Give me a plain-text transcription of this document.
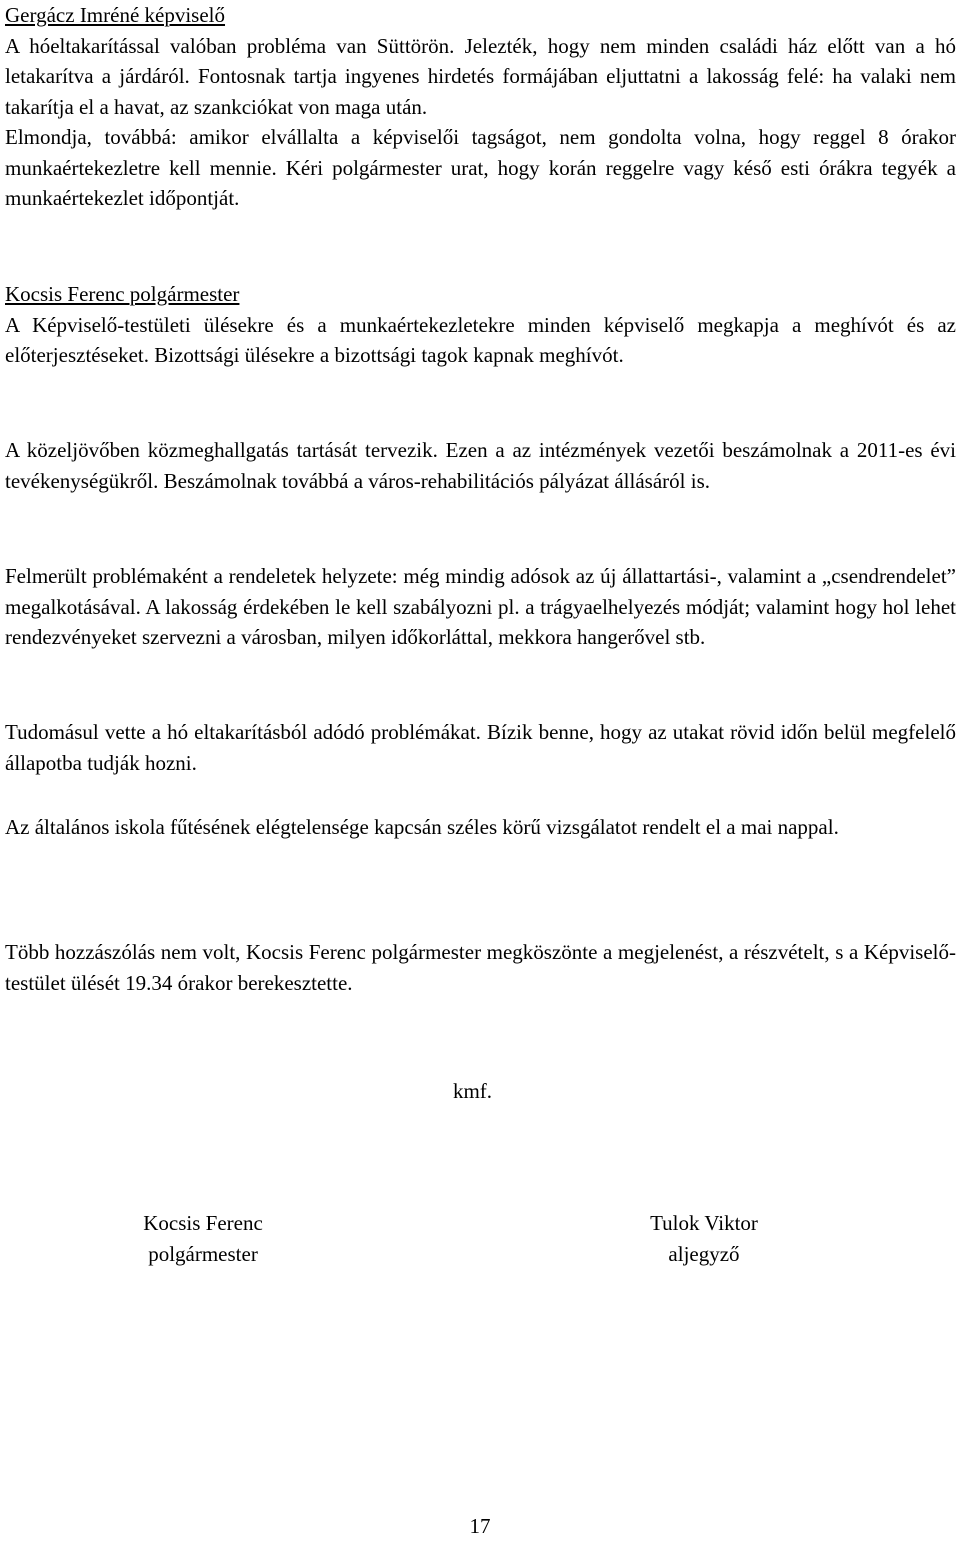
Gergácz Imréné képviselő

A hóeltakarítással valóban probléma van Süttörön. Jelezték, hogy nem minden családi ház előtt van a hó letakarítva a járdáról. Fontosnak tartja ingyenes hirdetés formájában eljuttatni a lakosság felé: ha valaki nem takarítja el a havat, az szankciókat von maga után.

Elmondja, továbbá: amikor elvállalta a képviselői tagságot, nem gondolta volna, hogy reggel 8 órakor munkaértekezletre kell mennie. Kéri polgármester urat, hogy korán reggelre vagy késő esti órákra tegyék a munkaértekezlet időpontját.

Kocsis Ferenc polgármester

A Képviselő-testületi ülésekre és a munkaértekezletekre minden képviselő megkapja a meghívót és az előterjesztéseket. Bizottsági ülésekre a bizottsági tagok kapnak meghívót.

A közeljövőben közmeghallgatás tartását tervezik. Ezen a az intézmények vezetői beszámolnak a 2011-es évi tevékenységükről. Beszámolnak továbbá a város-rehabilitációs pályázat állásáról is.

Felmerült problémaként a rendeletek helyzete: még mindig adósok az új állattartási-, valamint a „csendrendelet” megalkotásával. A lakosság érdekében le kell szabályozni pl. a trágyaelhelyezés módját; valamint hogy hol lehet rendezvényeket szervezni a városban, milyen időkorláttal, mekkora hangerővel stb.

Tudomásul vette a hó eltakarításból adódó problémákat. Bízik benne, hogy az utakat rövid időn belül megfelelő állapotba tudják hozni.

Az általános iskola fűtésének elégtelensége kapcsán széles körű vizsgálatot rendelt el a mai nappal.

Több hozzászólás nem volt, Kocsis Ferenc polgármester megköszönte a megjelenést, a részvételt, s a Képviselő-testület ülését 19.34 órakor berekesztette.

kmf.
Kocsis Ferenc
polgármester
Tulok Viktor
aljegyző
17
